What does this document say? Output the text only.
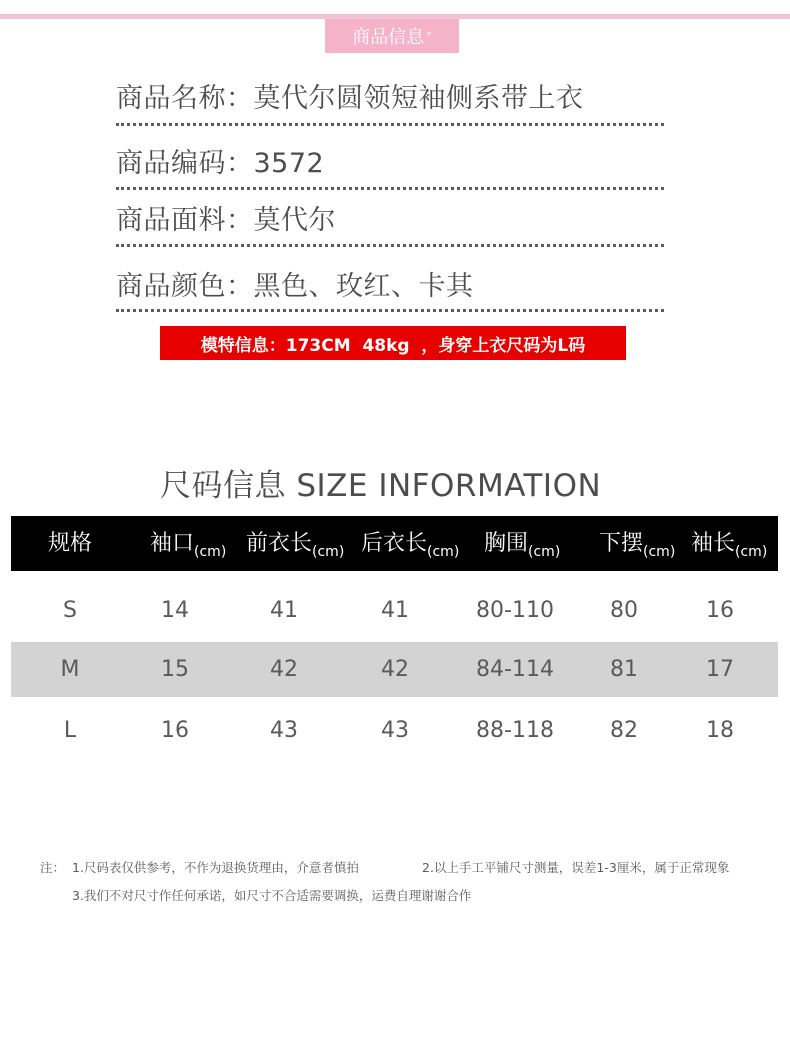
商品信息 °
商品名称：莫代尔圆领短袖侧系带上衣
商品编码：3572
商品面料：莫代尔
商品颜色：黑色、玫红、卡其
模特信息：173CM  48kg  ，身穿上衣尺码为L码
尺码信息 SIZE INFORMATION
规格	袖口$_{(cm)}$ 前衣长$_{(cm)}$ 后衣长$_{(cm)}$ 胸围$_{(cm)}$ 下摆$_{(cm)}$ 袖长$_{(cm)}$
S	14	41	41	80-110	80	16
M	15	42	42	84-114	81	17
L	16	43	43	88-118	82	18
注： 1.尺码表仅供参考，不作为退换货理由，介意者慎拍	2.以上手工平铺尺寸测量，误差1-3厘米，属于正常现象
3.我们不对尺寸作任何承诺，如尺寸不合适需要调换，运费自理谢谢合作
